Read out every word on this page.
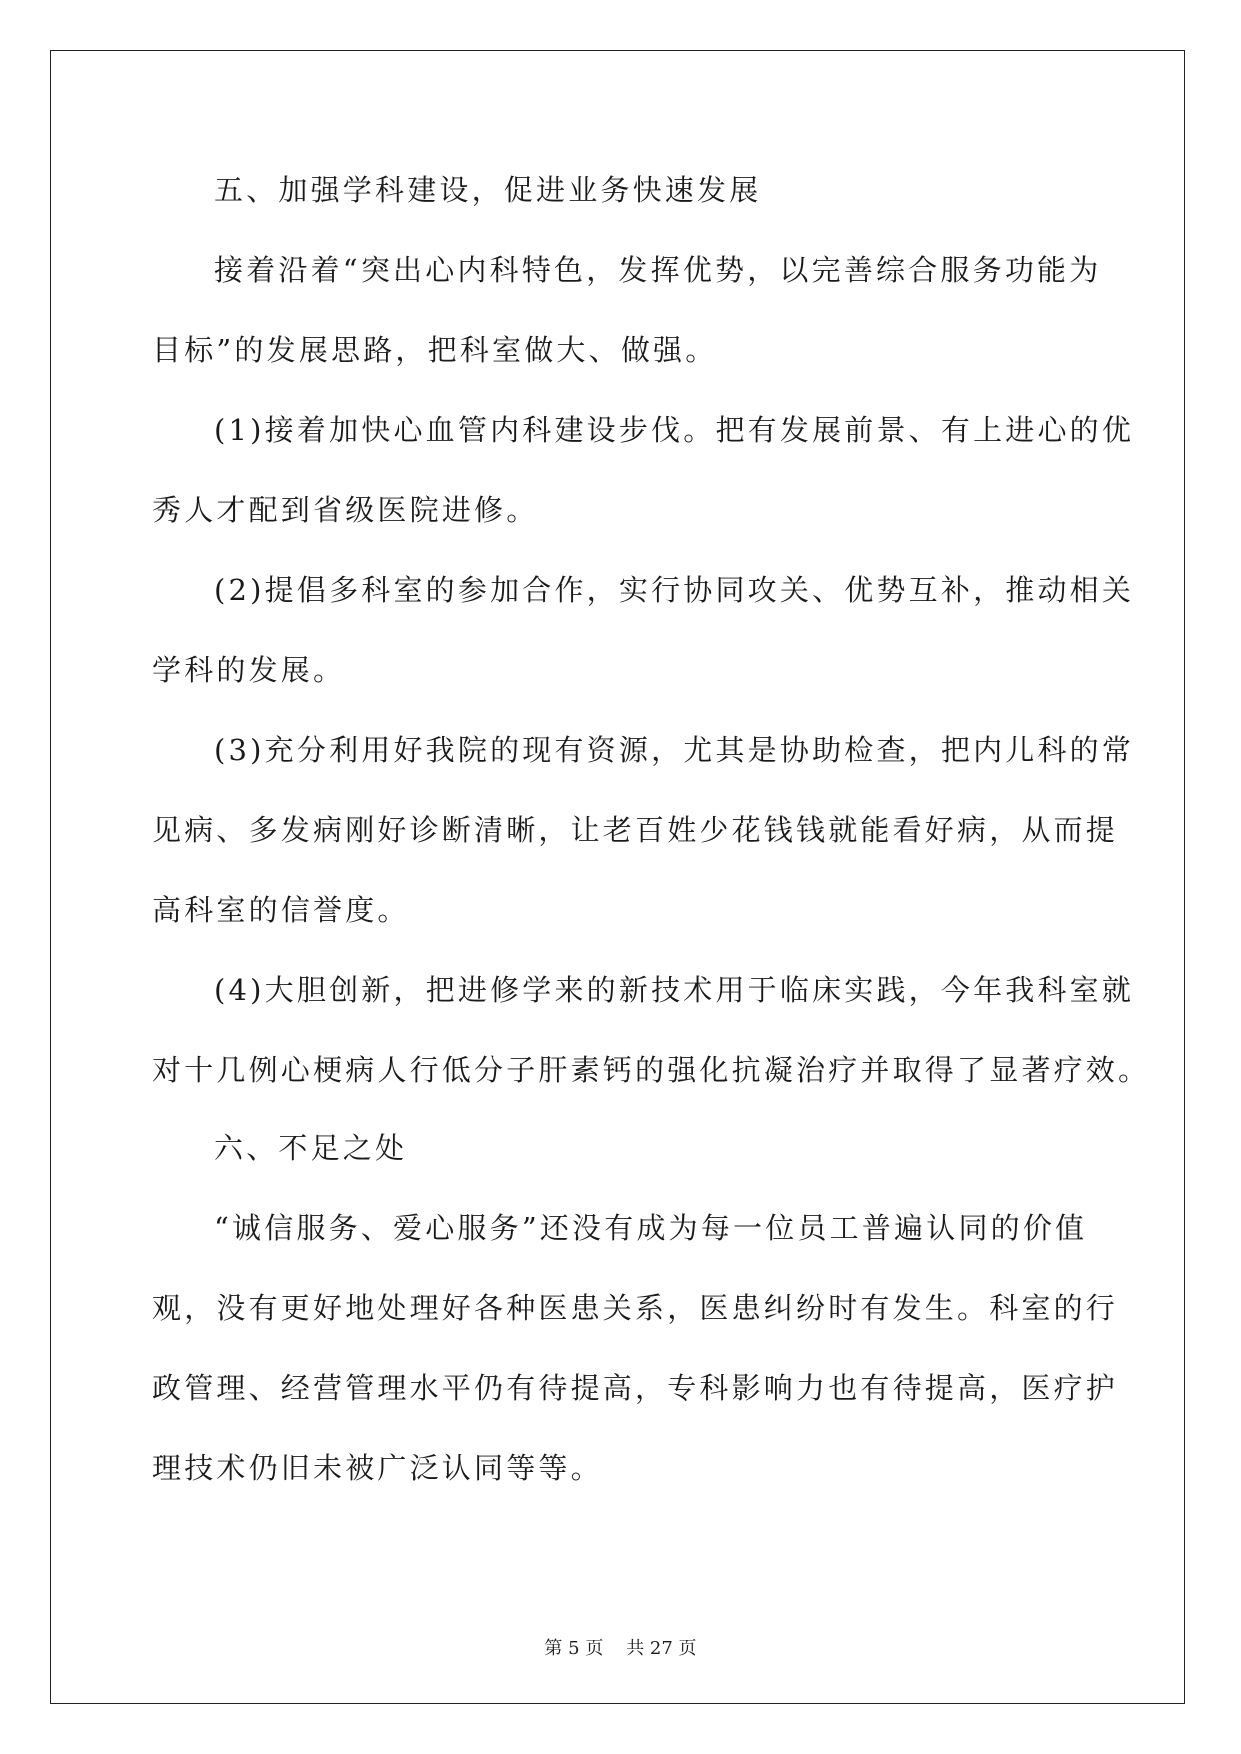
五、加强学科建设，促进业务快速发展
接着沿着“突出心内科特色，发挥优势，以完善综合服务功能为
目标”的发展思路，把科室做大、做强。
(1)接着加快心血管内科建设步伐。把有发展前景、有上进心的优
秀人才配到省级医院进修。
(2)提倡多科室的参加合作，实行协同攻关、优势互补，推动相关
学科的发展。
(3)充分利用好我院的现有资源，尤其是协助检查，把内儿科的常
见病、多发病刚好诊断清晰，让老百姓少花钱钱就能看好病，从而提
高科室的信誉度。
(4)大胆创新，把进修学来的新技术用于临床实践，今年我科室就
对十几例心梗病人行低分子肝素钙的强化抗凝治疗并取得了显著疗效。
六、不足之处
“诚信服务、爱心服务”还没有成为每一位员工普遍认同的价值
观，没有更好地处理好各种医患关系，医患纠纷时有发生。科室的行
政管理、经营管理水平仍有待提高，专科影响力也有待提高，医疗护
理技术仍旧未被广泛认同等等。
第 5 页    共 27 页
